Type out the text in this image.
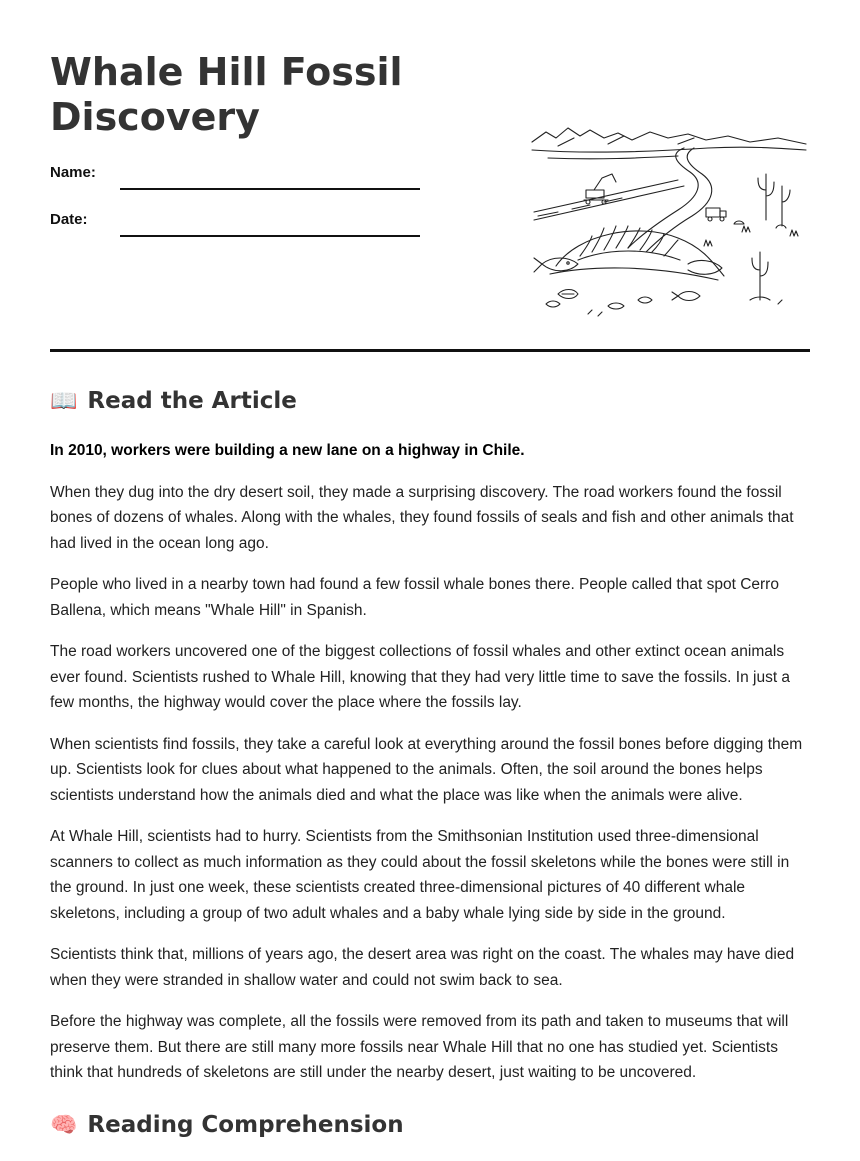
Whale Hill Fossil Discovery
Name:
Date:
📖 Read the Article

In 2010, workers were building a new lane on a highway in Chile.

When they dug into the dry desert soil, they made a surprising discovery. The road workers found the fossil bones of dozens of whales. Along with the whales, they found fossils of seals and fish and other animals that had lived in the ocean long ago.

People who lived in a nearby town had found a few fossil whale bones there. People called that spot Cerro Ballena, which means "Whale Hill" in Spanish.

The road workers uncovered one of the biggest collections of fossil whales and other extinct ocean animals ever found. Scientists rushed to Whale Hill, knowing that they had very little time to save the fossils. In just a few months, the highway would cover the place where the fossils lay.

When scientists find fossils, they take a careful look at everything around the fossil bones before digging them up. Scientists look for clues about what happened to the animals. Often, the soil around the bones helps scientists understand how the animals died and what the place was like when the animals were alive.

At Whale Hill, scientists had to hurry. Scientists from the Smithsonian Institution used three-dimensional scanners to collect as much information as they could about the fossil skeletons while the bones were still in the ground. In just one week, these scientists created three-dimensional pictures of 40 different whale skeletons, including a group of two adult whales and a baby whale lying side by side in the ground.

Scientists think that, millions of years ago, the desert area was right on the coast. The whales may have died when they were stranded in shallow water and could not swim back to sea.

Before the highway was complete, all the fossils were removed from its path and taken to museums that will preserve them. But there are still many more fossils near Whale Hill that no one has studied yet. Scientists think that hundreds of skeletons are still under the nearby desert, just waiting to be uncovered.

🧠 Reading Comprehension
